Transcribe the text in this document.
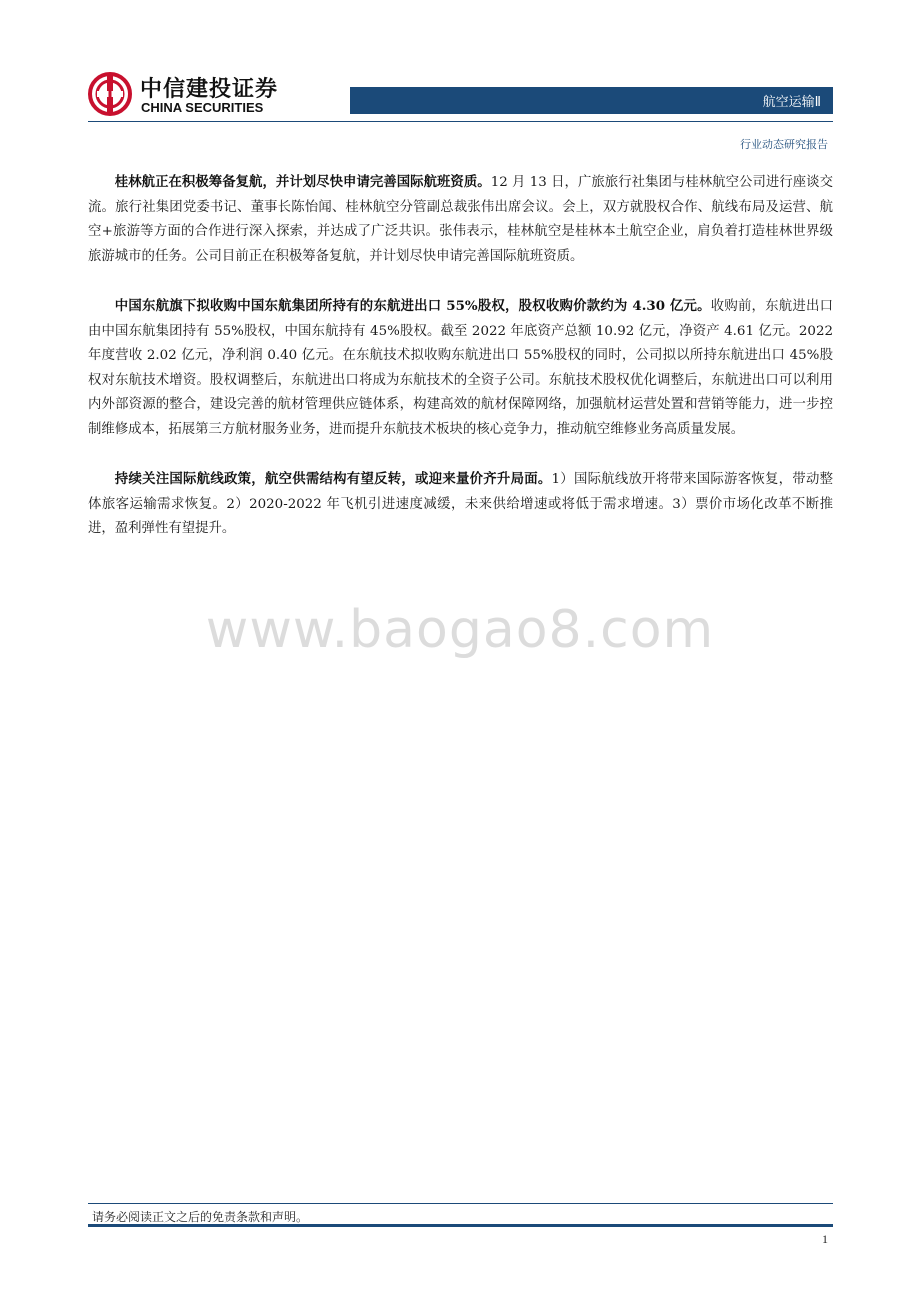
中信建投证券
CHINA SECURITIES	航空运输Ⅱ
行业动态研究报告

桂林航正在积极筹备复航，并计划尽快申请完善国际航班资质。12 月 13 日，广旅旅行社集团与桂林航空公司进行座谈交流。旅行社集团党委书记、董事长陈怡闻、桂林航空分管副总裁张伟出席会议。会上，双方就股权合作、航线布局及运营、航空+旅游等方面的合作进行深入探索，并达成了广泛共识。张伟表示，桂林航空是桂林本土航空企业，肩负着打造桂林世界级旅游城市的任务。公司目前正在积极筹备复航，并计划尽快申请完善国际航班资质。

中国东航旗下拟收购中国东航集团所持有的东航进出口 55%股权，股权收购价款约为 4.30 亿元。收购前，东航进出口由中国东航集团持有 55%股权，中国东航持有 45%股权。截至 2022 年底资产总额 10.92 亿元，净资产 4.61 亿元。2022 年度营收 2.02 亿元，净利润 0.40 亿元。在东航技术拟收购东航进出口 55%股权的同时，公司拟以所持东航进出口 45%股权对东航技术增资。股权调整后，东航进出口将成为东航技术的全资子公司。东航技术股权优化调整后，东航进出口可以利用内外部资源的整合，建设完善的航材管理供应链体系，构建高效的航材保障网络，加强航材运营处置和营销等能力，进一步控制维修成本，拓展第三方航材服务业务，进而提升东航技术板块的核心竞争力，推动航空维修业务高质量发展。

持续关注国际航线政策，航空供需结构有望反转，或迎来量价齐升局面。1）国际航线放开将带来国际游客恢复，带动整体旅客运输需求恢复。2）2020-2022 年飞机引进速度减缓，未来供给增速或将低于需求增速。3）票价市场化改革不断推进，盈利弹性有望提升。

www.baogao8.com
请务必阅读正文之后的免责条款和声明。
1
